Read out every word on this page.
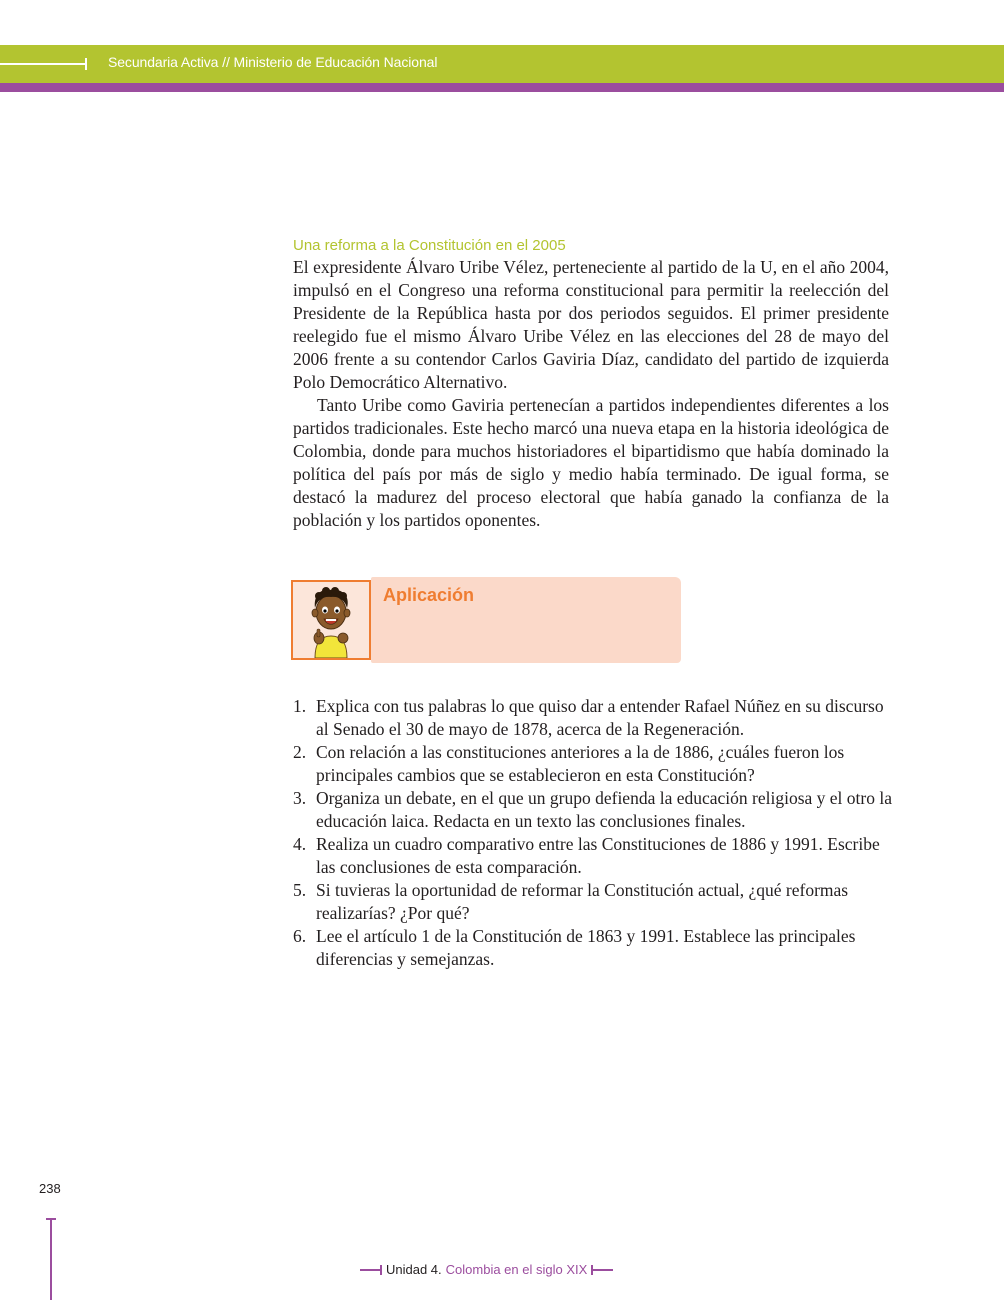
Secundaria Activa // Ministerio de Educación Nacional

Una reforma a la Constitución en el 2005

El expresidente Álvaro Uribe Vélez, perteneciente al partido de la U, en el año 2004, impulsó en el Congreso una reforma constitucional para permitir la reelección del Presidente de la República hasta por dos periodos seguidos. El primer presidente reelegido fue el mismo Álvaro Uribe Vélez en las elecciones del 28 de mayo del 2006 frente a su contendor Carlos Gaviria Díaz, candidato del partido de izquierda Polo Democrático Alternativo.

Tanto Uribe como Gaviria pertenecían a partidos independientes diferentes a los partidos tradicionales. Este hecho marcó una nueva etapa en la historia ideológica de Colombia, donde para muchos historiadores el bipartidismo que había dominado la política del país por más de siglo y medio había terminado. De igual forma, se destacó la madurez del proceso electoral que había ganado la confianza de la población y los partidos oponentes.

Aplicación
1. Explica con tus palabras lo que quiso dar a entender Rafael Núñez en su discurso al Senado el 30 de mayo de 1878, acerca de la Regeneración.
2. Con relación a las constituciones anteriores a la de 1886, ¿cuáles fueron los principales cambios que se establecieron en esta Constitución?
3. Organiza un debate, en el que un grupo defienda la educación religiosa y el otro la educación laica. Redacta en un texto las conclusiones finales.
4. Realiza un cuadro comparativo entre las Constituciones de 1886 y 1991. Escribe las conclusiones de esta comparación.
5. Si tuvieras la oportunidad de reformar la Constitución actual, ¿qué reformas realizarías? ¿Por qué?
6. Lee el artículo 1 de la Constitución de 1863 y 1991. Establece las principales diferencias y semejanzas.
238
Unidad 4. Colombia en el siglo XIX
